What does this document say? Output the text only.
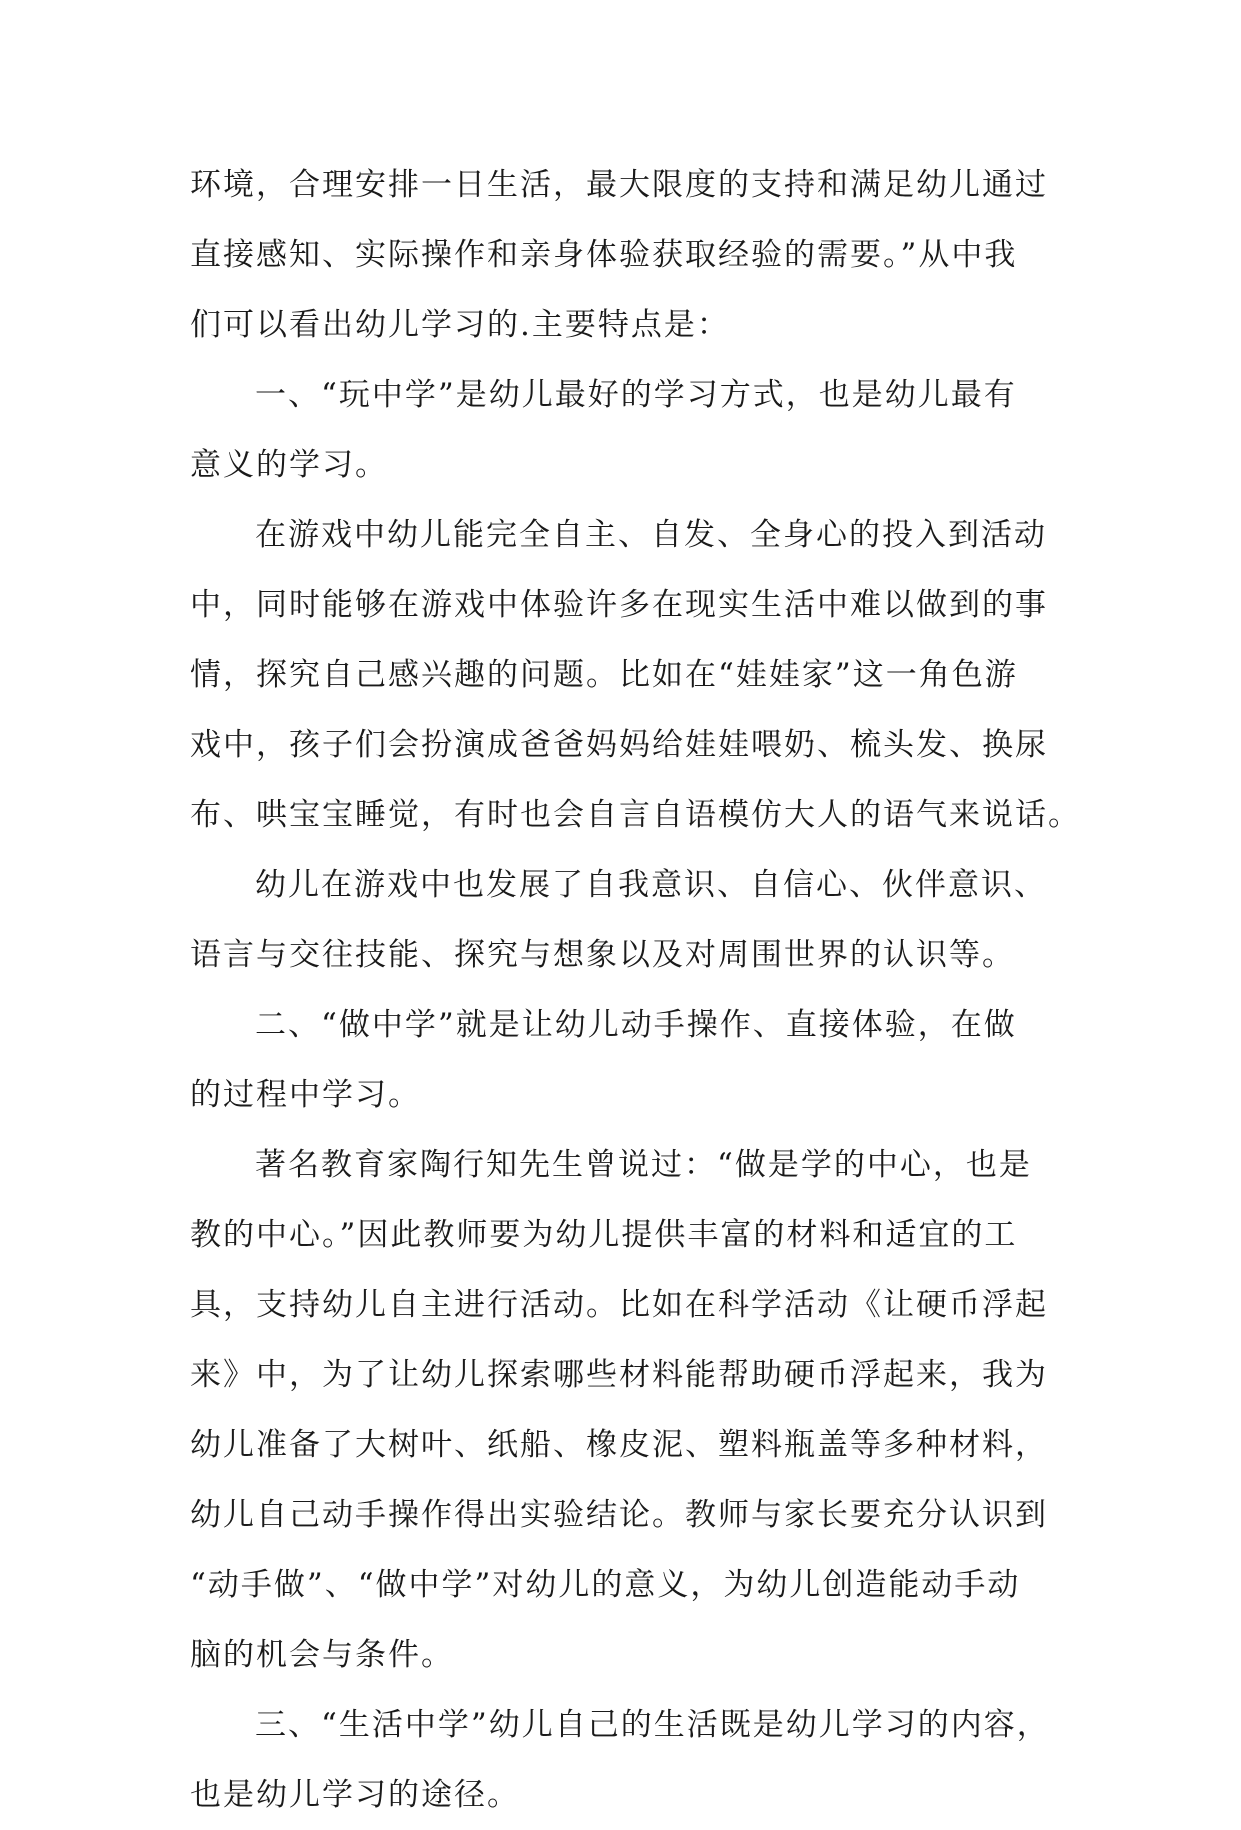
环境，合理安排一日生活，最大限度的支持和满足幼儿通过
直接感知、实际操作和亲身体验获取经验的需要。”从中我
们可以看出幼儿学习的.主要特点是：
一、“玩中学”是幼儿最好的学习方式，也是幼儿最有
意义的学习。
在游戏中幼儿能完全自主、自发、全身心的投入到活动
中，同时能够在游戏中体验许多在现实生活中难以做到的事
情，探究自己感兴趣的问题。比如在“娃娃家”这一角色游
戏中，孩子们会扮演成爸爸妈妈给娃娃喂奶、梳头发、换尿
布、哄宝宝睡觉，有时也会自言自语模仿大人的语气来说话。
幼儿在游戏中也发展了自我意识、自信心、伙伴意识、
语言与交往技能、探究与想象以及对周围世界的认识等。
二、“做中学”就是让幼儿动手操作、直接体验，在做
的过程中学习。
著名教育家陶行知先生曾说过：“做是学的中心，也是
教的中心。”因此教师要为幼儿提供丰富的材料和适宜的工
具，支持幼儿自主进行活动。比如在科学活动《让硬币浮起
来》中，为了让幼儿探索哪些材料能帮助硬币浮起来，我为
幼儿准备了大树叶、纸船、橡皮泥、塑料瓶盖等多种材料，
幼儿自己动手操作得出实验结论。教师与家长要充分认识到
“动手做”、“做中学”对幼儿的意义，为幼儿创造能动手动
脑的机会与条件。
三、“生活中学”幼儿自己的生活既是幼儿学习的内容，
也是幼儿学习的途径。
